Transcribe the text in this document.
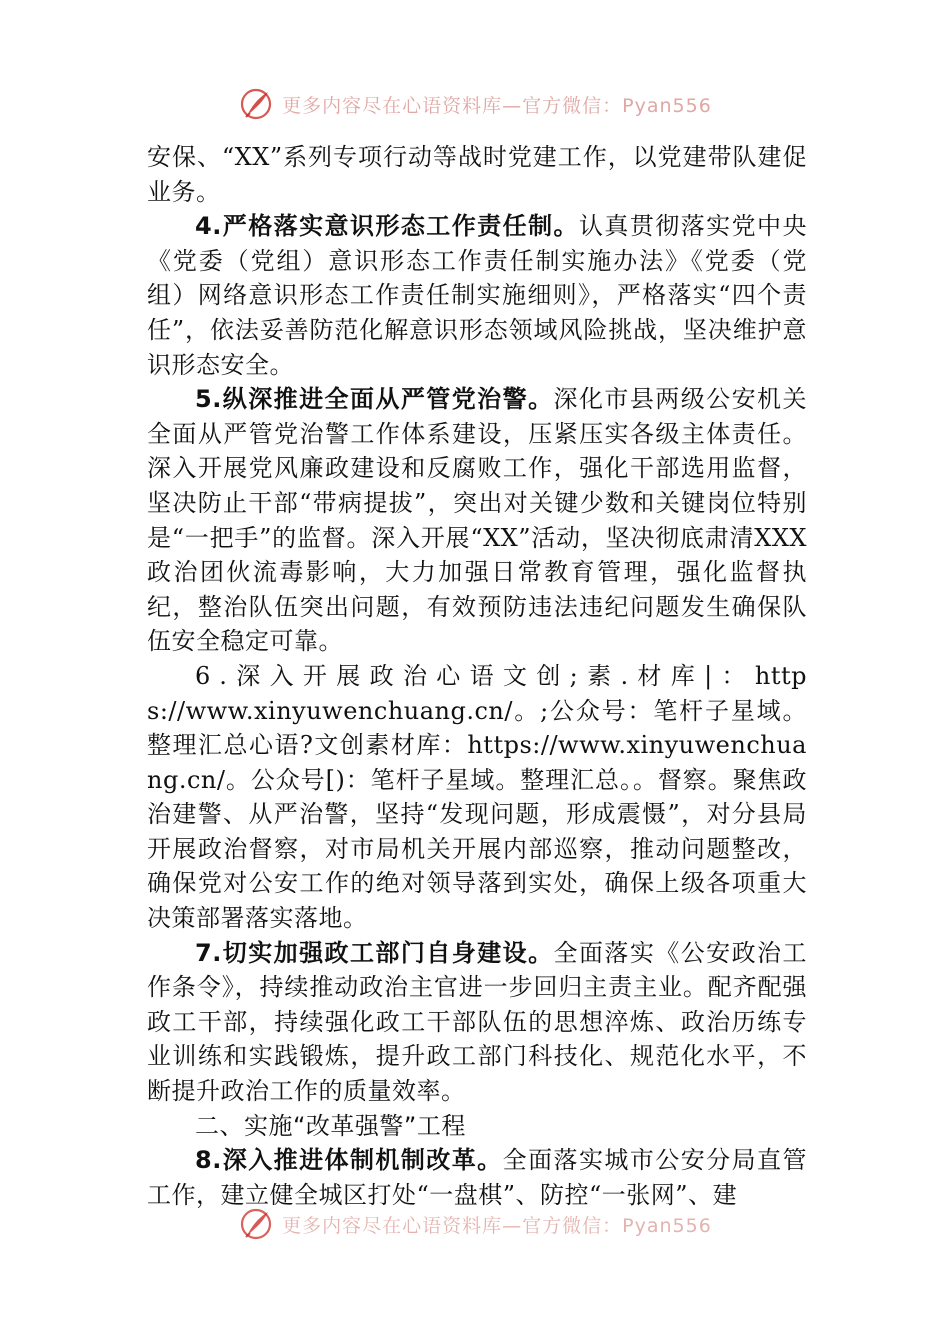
更多内容尽在心语资料库—官方微信：Pyan556

安保、“XX”系列专项行动等战时党建工作，以党建带队建促业务。

4.严格落实意识形态工作责任制。认真贯彻落实党中央《党委（党组）意识形态工作责任制实施办法》《党委（党组）网络意识形态工作责任制实施细则》，严格落实“四个责任”，依法妥善防范化解意识形态领域风险挑战，坚决维护意识形态安全。

5.纵深推进全面从严管党治警。深化市县两级公安机关全面从严管党治警工作体系建设，压紧压实各级主体责任。深入开展党风廉政建设和反腐败工作，强化干部选用监督，坚决防止干部“带病提拔”，突出对关键少数和关键岗位特别是“一把手”的监督。深入开展“XX”活动，坚决彻底肃清XXX政治团伙流毒影响，大力加强日常教育管理，强化监督执纪，整治队伍突出问题，有效预防违法违纪问题发生确保队伍安全稳定可靠。

6.深入开展政治心语文创;素.材库|：https://www.xinyuwenchuang.cn/。;公众号：笔杆子星域。整理汇总心语?文创素材库：https://www.xinyuwenchuang.cn/。公众号[)：笔杆子星域。整理汇总。。督察。聚焦政治建警、从严治警，坚持“发现问题，形成震慑”，对分县局开展政治督察，对市局机关开展内部巡察，推动问题整改，确保党对公安工作的绝对领导落到实处，确保上级各项重大决策部署落实落地。

7.切实加强政工部门自身建设。全面落实《公安政治工作条令》，持续推动政治主官进一步回归主责主业。配齐配强政工干部，持续强化政工干部队伍的思想淬炼、政治历练专业训练和实践锻炼，提升政工部门科技化、规范化水平，不断提升政治工作的质量效率。

二、实施“改革强警”工程

8.深入推进体制机制改革。全面落实城市公安分局直管工作，建立健全城区打处“一盘棋”、防控“一张网”、建

更多内容尽在心语资料库—官方微信：Pyan556
